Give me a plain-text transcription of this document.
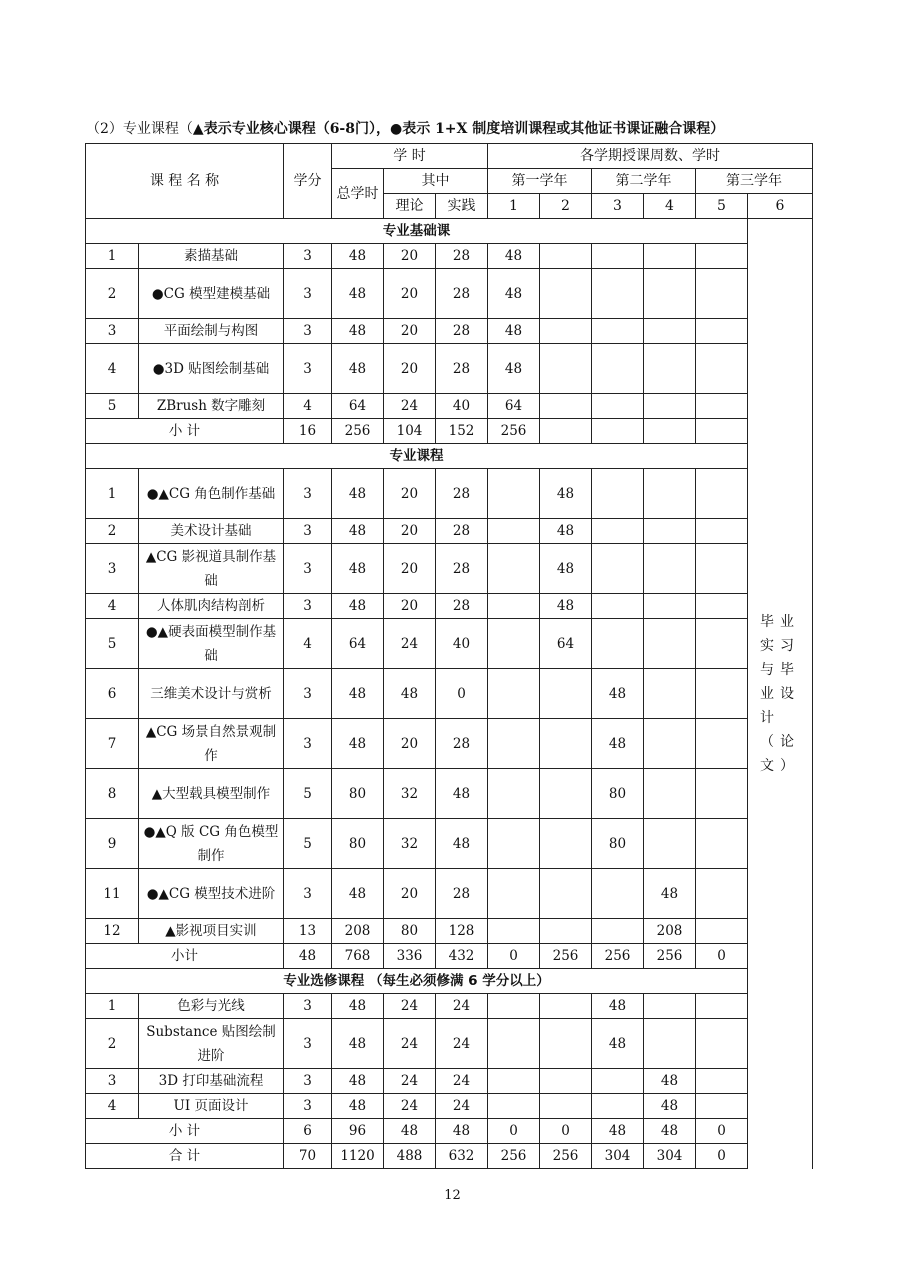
（2）专业课程（▲表示专业核心课程（6-8门），●表示 1+X 制度培训课程或其他证书课证融合课程）
课 程 名 称		学分	学 时			各学期授课周数、学时					
			总学时	其中		第一学年		第二学年		第三学年	
				理论	实践	1	2	3	4	5	6
专业基础课											毕业实习与毕业设计（论文）
1	素描基础	3	48	20	28	48					
2	●CG 模型建模基础	3	48	20	28	48					
3	平面绘制与构图	3	48	20	28	48					
4	●3D 贴图绘制基础	3	48	20	28	48					
5	ZBrush 数字雕刻	4	64	24	40	64					
小 计		16	256	104	152	256					
专业课程											
1	●▲CG 角色制作基础	3	48	20	28		48				
2	美术设计基础	3	48	20	28		48				
3	▲CG 影视道具制作基础	3	48	20	28		48				
4	人体肌肉结构剖析	3	48	20	28		48				
5	●▲硬表面模型制作基础	4	64	24	40		64				
6	三维美术设计与赏析	3	48	48	0			48			
7	▲CG 场景自然景观制作	3	48	20	28			48			
8	▲大型载具模型制作	5	80	32	48			80			
9	●▲Q 版 CG 角色模型制作	5	80	32	48			80			
11	●▲CG 模型技术进阶	3	48	20	28				48		
12	▲影视项目实训	13	208	80	128				208		
小计		48	768	336	432	0	256	256	256	0	
专业选修课程 （每生必须修满 6 学分以上）											
1	色彩与光线	3	48	24	24			48			
2	Substance 贴图绘制进阶	3	48	24	24			48			
3	3D 打印基础流程	3	48	24	24				48		
4	UI 页面设计	3	48	24	24				48		
小 计		6	96	48	48	0	0	48	48	0	
合 计		70	1120	488	632	256	256	304	304	0	
12
